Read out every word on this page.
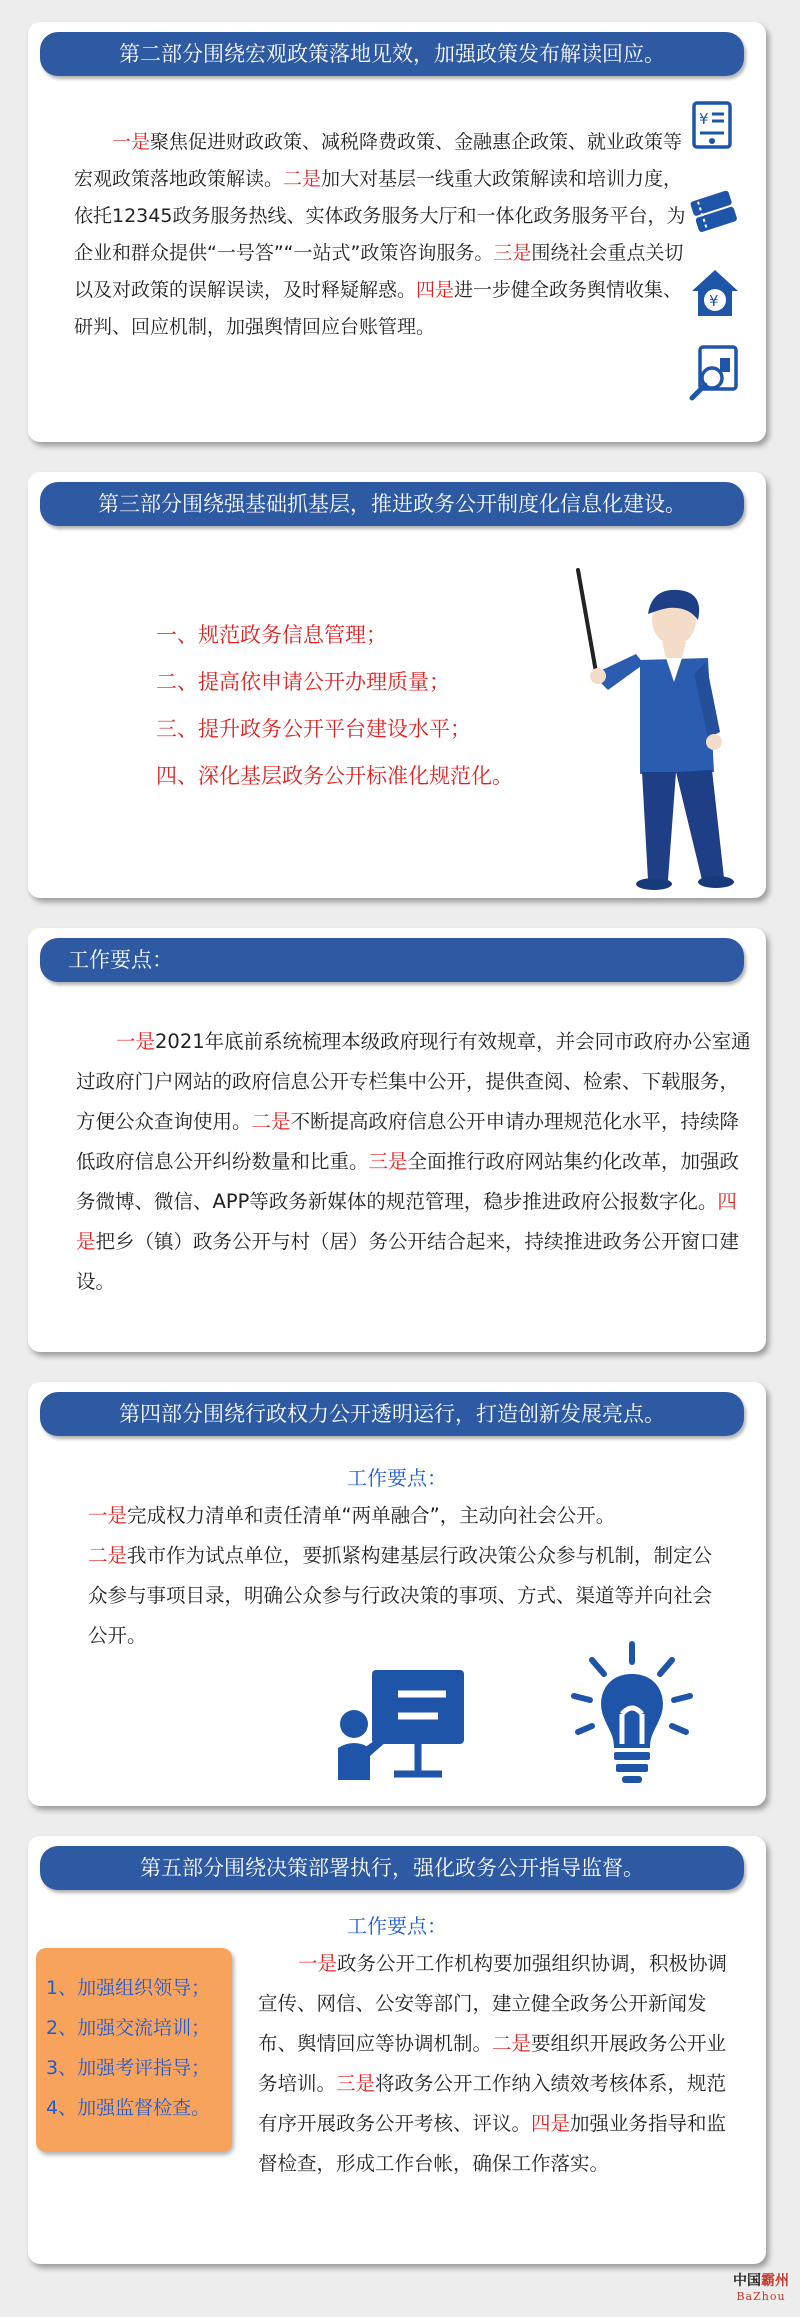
第二部分围绕宏观政策落地见效，加强政策发布解读回应。
一是聚焦促进财政政策、减税降费政策、金融惠企政策、就业政策等宏观政策落地政策解读。二是加大对基层一线重大政策解读和培训力度，依托12345政务服务热线、实体政务服务大厅和一体化政务服务平台，为企业和群众提供“一号答”“一站式”政策咨询服务。三是围绕社会重点关切以及对政策的误解误读，及时释疑解惑。四是进一步健全政务舆情收集、研判、回应机制，加强舆情回应台账管理。
¥
¥
第三部分围绕强基础抓基层，推进政务公开制度化信息化建设。
一、规范政务信息管理；
二、提高依申请公开办理质量；
三、提升政务公开平台建设水平；
四、深化基层政务公开标准化规范化。
工作要点：
一是2021年底前系统梳理本级政府现行有效规章，并会同市政府办公室通过政府门户网站的政府信息公开专栏集中公开，提供查阅、检索、下载服务，方便公众查询使用。二是不断提高政府信息公开申请办理规范化水平，持续降低政府信息公开纠纷数量和比重。三是全面推行政府网站集约化改革，加强政务微博、微信、APP等政务新媒体的规范管理，稳步推进政府公报数字化。四是把乡（镇）政务公开与村（居）务公开结合起来，持续推进政务公开窗口建设。
第四部分围绕行政权力公开透明运行，打造创新发展亮点。
工作要点：
一是完成权力清单和责任清单“两单融合”，主动向社会公开。
二是我市作为试点单位，要抓紧构建基层行政决策公众参与机制，制定公众参与事项目录，明确公众参与行政决策的事项、方式、渠道等并向社会公开。
第五部分围绕决策部署执行，强化政务公开指导监督。
工作要点：
1、加强组织领导；
2、加强交流培训；
3、加强考评指导；
4、加强监督检查。
一是政务公开工作机构要加强组织协调，积极协调宣传、网信、公安等部门，建立健全政务公开新闻发布、舆情回应等协调机制。二是要组织开展政务公开业务培训。三是将政务公开工作纳入绩效考核体系，规范有序开展政务公开考核、评议。四是加强业务指导和监督检查，形成工作台帐，确保工作落实。
中国霸州
BaZhou
